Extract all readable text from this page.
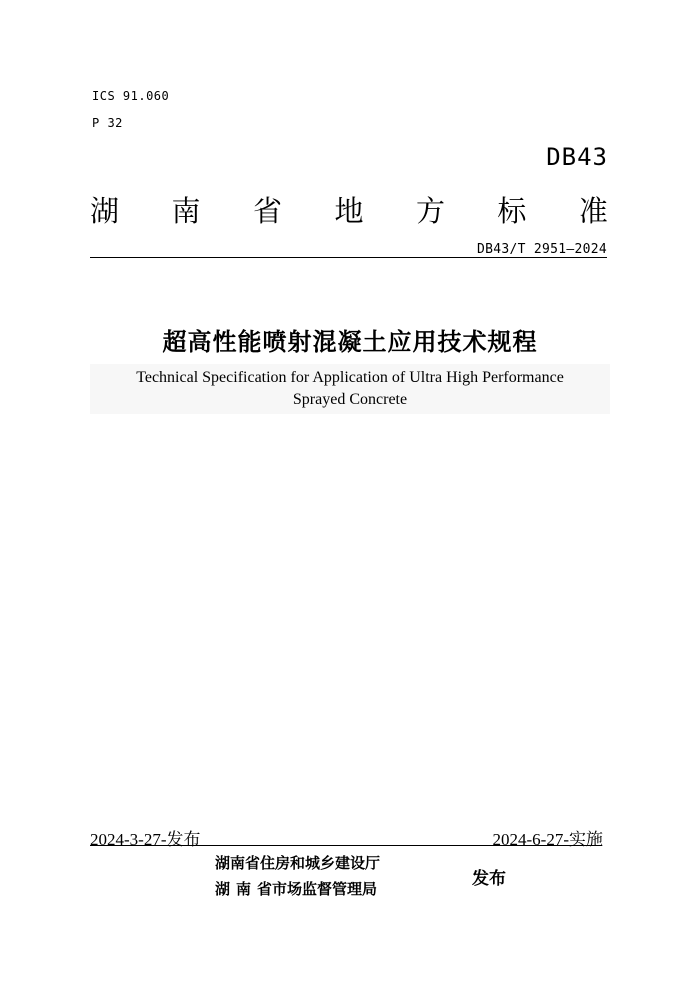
ICS 91.060
P 32
DB43
湖 南 省 地 方 标 准
DB43/T 2951—2024
超高性能喷射混凝土应用技术规程
Technical Specification for Application of Ultra High Performance
Sprayed Concrete
2024-3-27-发布	2024-6-27-实施
湖南省住房和城乡建设厅
湖 南 省市场监督管理局	发布
